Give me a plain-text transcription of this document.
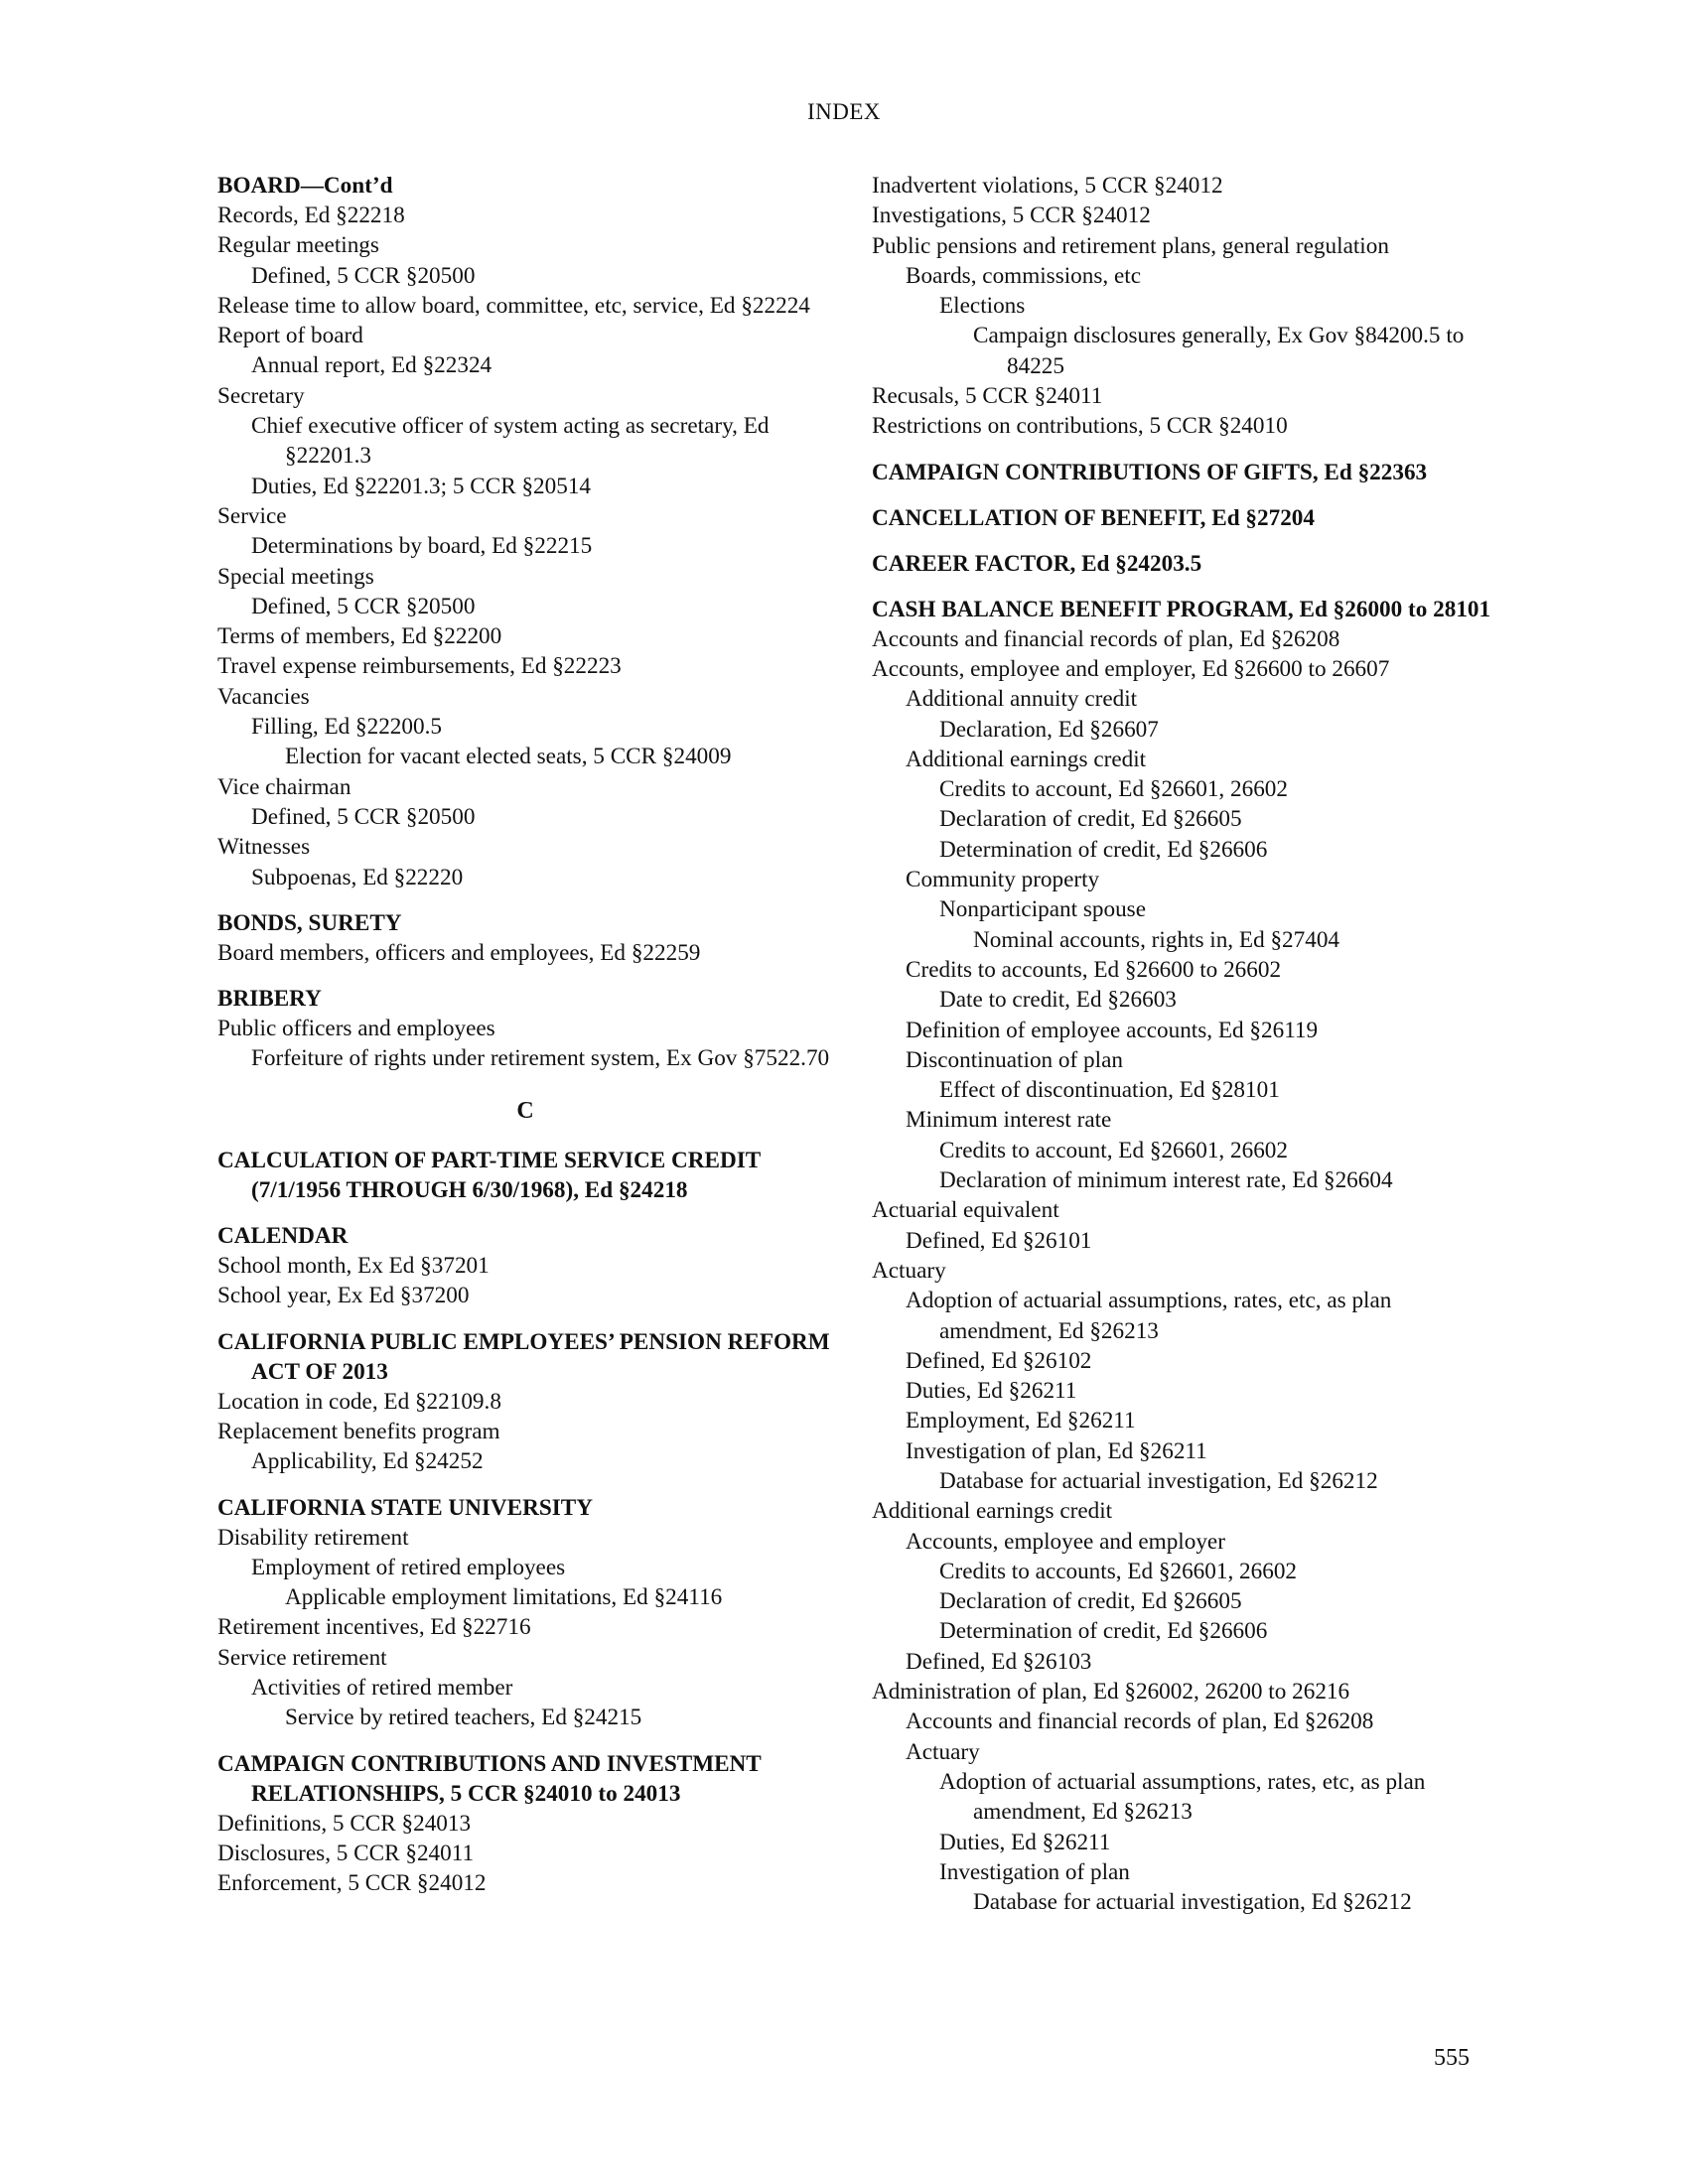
INDEX
BOARD—Cont’d
Records, Ed §22218
Regular meetings
Defined, 5 CCR §20500
Release time to allow board, committee, etc, service, Ed §22224
Report of board
Annual report, Ed §22324
Secretary
Chief executive officer of system acting as secretary, Ed §22201.3
Duties, Ed §22201.3; 5 CCR §20514
Service
Determinations by board, Ed §22215
Special meetings
Defined, 5 CCR §20500
Terms of members, Ed §22200
Travel expense reimbursements, Ed §22223
Vacancies
Filling, Ed §22200.5
Election for vacant elected seats, 5 CCR §24009
Vice chairman
Defined, 5 CCR §20500
Witnesses
Subpoenas, Ed §22220
BONDS, SURETY
Board members, officers and employees, Ed §22259
BRIBERY
Public officers and employees
Forfeiture of rights under retirement system, Ex Gov §7522.70
C
CALCULATION OF PART-TIME SERVICE CREDIT (7/1/1956 THROUGH 6/30/1968), Ed §24218
CALENDAR
School month, Ex Ed §37201
School year, Ex Ed §37200
CALIFORNIA PUBLIC EMPLOYEES’ PENSION REFORM ACT OF 2013
Location in code, Ed §22109.8
Replacement benefits program
Applicability, Ed §24252
CALIFORNIA STATE UNIVERSITY
Disability retirement
Employment of retired employees
Applicable employment limitations, Ed §24116
Retirement incentives, Ed §22716
Service retirement
Activities of retired member
Service by retired teachers, Ed §24215
CAMPAIGN CONTRIBUTIONS AND INVESTMENT RELATIONSHIPS, 5 CCR §24010 to 24013
Definitions, 5 CCR §24013
Disclosures, 5 CCR §24011
Enforcement, 5 CCR §24012
Inadvertent violations, 5 CCR §24012
Investigations, 5 CCR §24012
Public pensions and retirement plans, general regulation
Boards, commissions, etc
Elections
Campaign disclosures generally, Ex Gov §84200.5 to 84225
Recusals, 5 CCR §24011
Restrictions on contributions, 5 CCR §24010
CAMPAIGN CONTRIBUTIONS OF GIFTS, Ed §22363
CANCELLATION OF BENEFIT, Ed §27204
CAREER FACTOR, Ed §24203.5
CASH BALANCE BENEFIT PROGRAM, Ed §26000 to 28101
Accounts and financial records of plan, Ed §26208
Accounts, employee and employer, Ed §26600 to 26607
Additional annuity credit
Declaration, Ed §26607
Additional earnings credit
Credits to account, Ed §26601, 26602
Declaration of credit, Ed §26605
Determination of credit, Ed §26606
Community property
Nonparticipant spouse
Nominal accounts, rights in, Ed §27404
Credits to accounts, Ed §26600 to 26602
Date to credit, Ed §26603
Definition of employee accounts, Ed §26119
Discontinuation of plan
Effect of discontinuation, Ed §28101
Minimum interest rate
Credits to account, Ed §26601, 26602
Declaration of minimum interest rate, Ed §26604
Actuarial equivalent
Defined, Ed §26101
Actuary
Adoption of actuarial assumptions, rates, etc, as plan amendment, Ed §26213
Defined, Ed §26102
Duties, Ed §26211
Employment, Ed §26211
Investigation of plan, Ed §26211
Database for actuarial investigation, Ed §26212
Additional earnings credit
Accounts, employee and employer
Credits to accounts, Ed §26601, 26602
Declaration of credit, Ed §26605
Determination of credit, Ed §26606
Defined, Ed §26103
Administration of plan, Ed §26002, 26200 to 26216
Accounts and financial records of plan, Ed §26208
Actuary
Adoption of actuarial assumptions, rates, etc, as plan amendment, Ed §26213
Duties, Ed §26211
Investigation of plan
Database for actuarial investigation, Ed §26212
555
